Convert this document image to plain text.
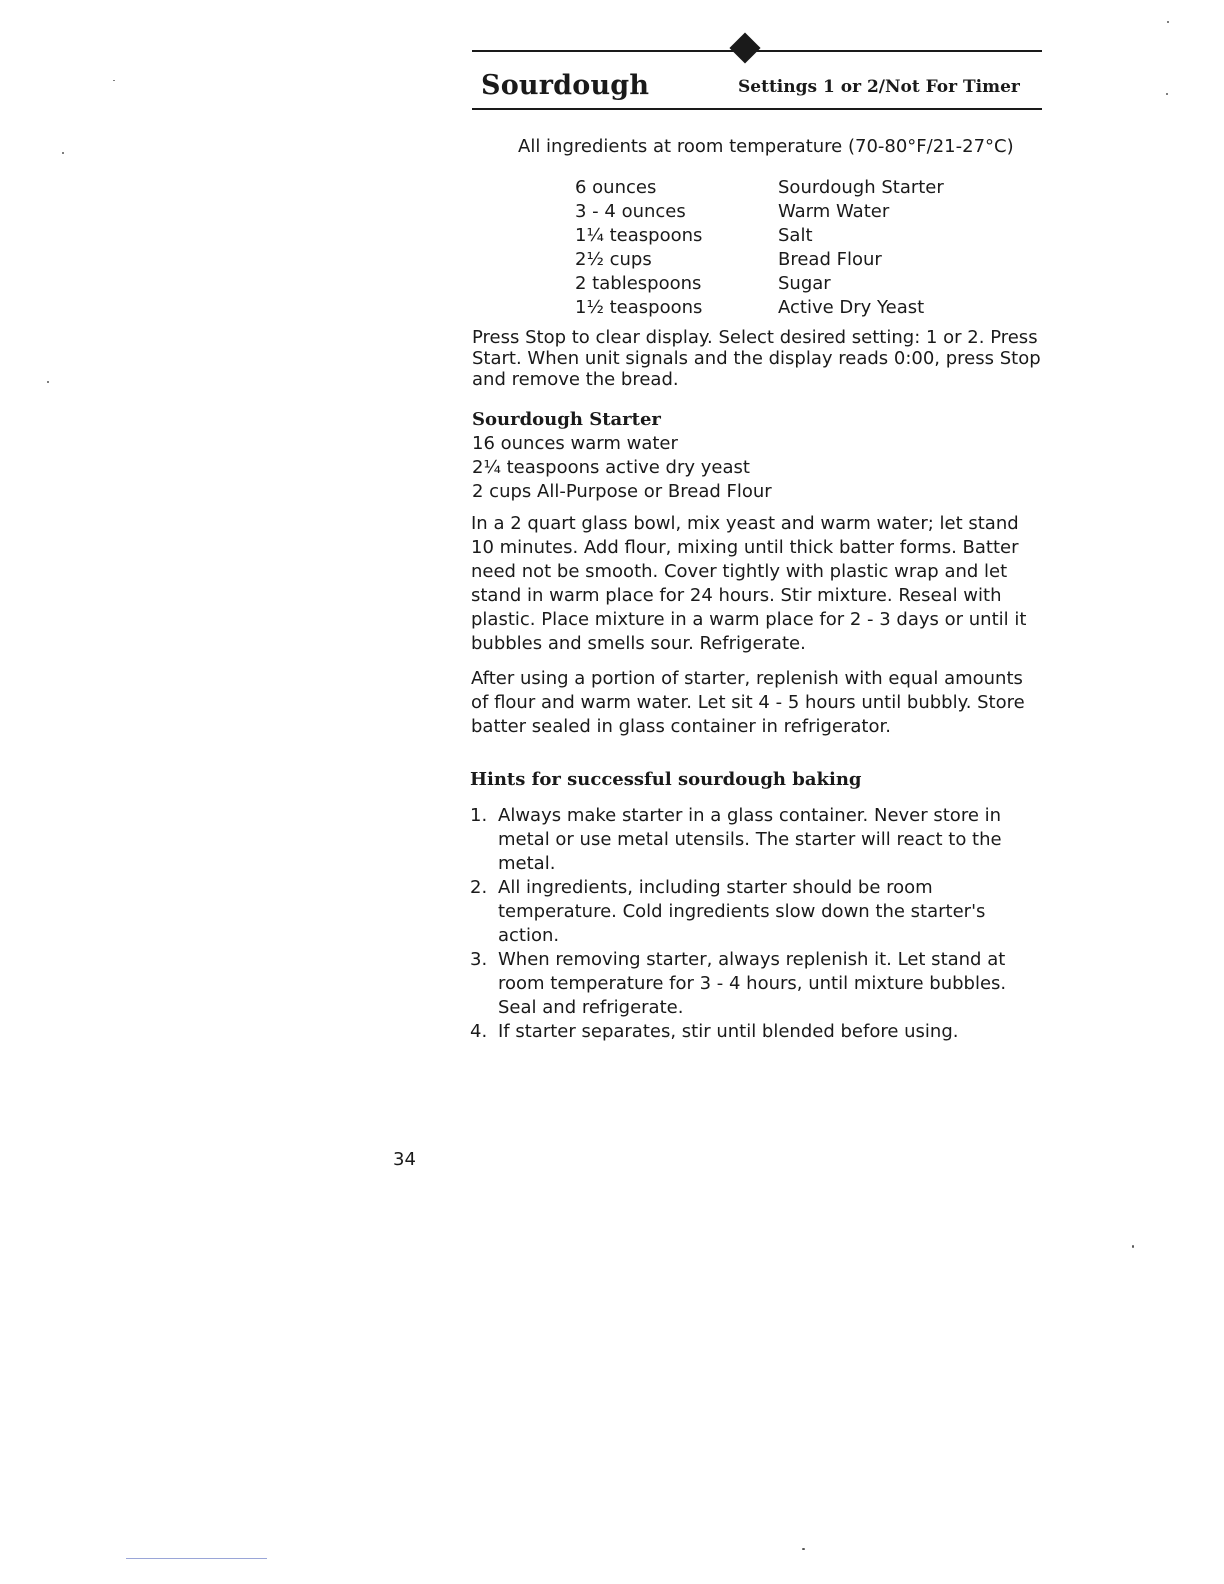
Sourdough	Settings 1 or 2/Not For Timer
All ingredients at room temperature (70-80°F/21-27°C)
6 ounces	Sourdough Starter
3 - 4 ounces	Warm Water
1¼ teaspoons	Salt
2½ cups	Bread Flour
2 tablespoons	Sugar
1½ teaspoons	Active Dry Yeast
Press Stop to clear display. Select desired setting: 1 or 2. Press Start. When unit signals and the display reads 0:00, press Stop and remove the bread.
Sourdough Starter
16 ounces warm water
2¼ teaspoons active dry yeast
2 cups All-Purpose or Bread Flour
In a 2 quart glass bowl, mix yeast and warm water; let stand 10 minutes. Add flour, mixing until thick batter forms. Batter need not be smooth. Cover tightly with plastic wrap and let stand in warm place for 24 hours. Stir mixture. Reseal with plastic. Place mixture in a warm place for 2 - 3 days or until it bubbles and smells sour. Refrigerate.
After using a portion of starter, replenish with equal amounts of flour and warm water. Let sit 4 - 5 hours until bubbly. Store batter sealed in glass container in refrigerator.
Hints for successful sourdough baking
1. Always make starter in a glass container. Never store in metal or use metal utensils. The starter will react to the metal.
2. All ingredients, including starter should be room temperature. Cold ingredients slow down the starter's action.
3. When removing starter, always replenish it. Let stand at room temperature for 3 - 4 hours, until mixture bubbles. Seal and refrigerate.
4. If starter separates, stir until blended before using.
34
